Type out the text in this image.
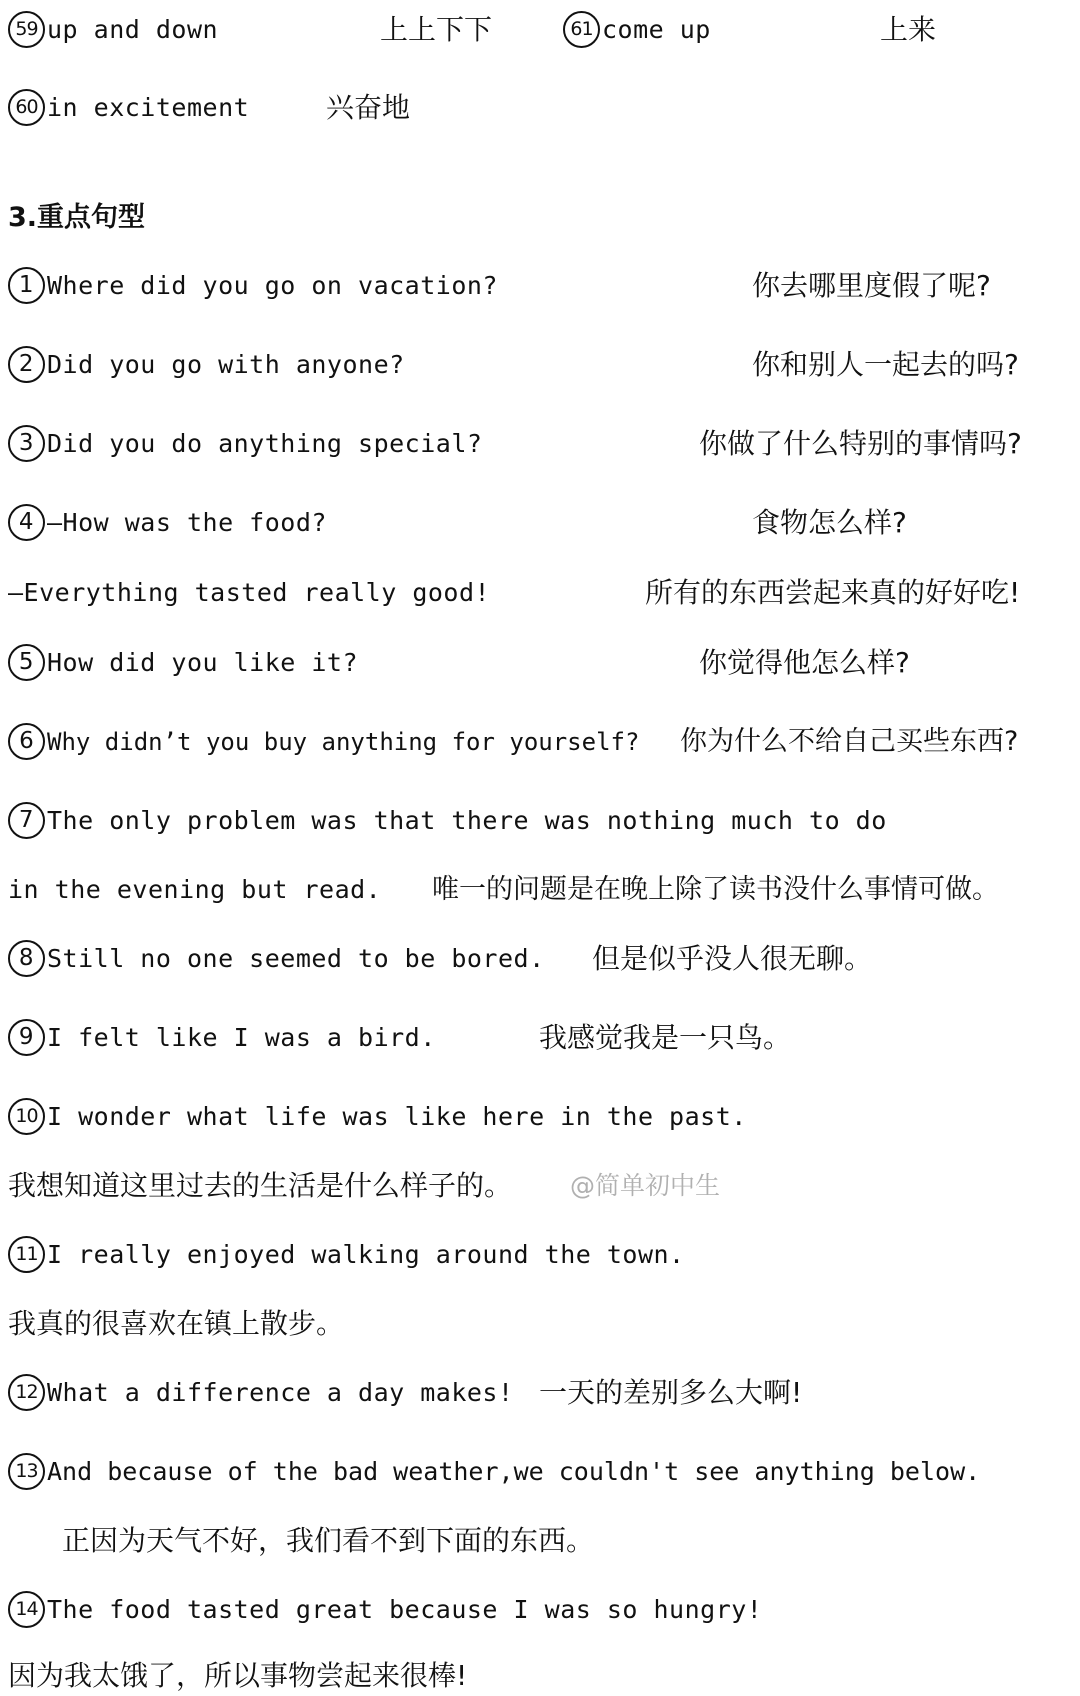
59 up and down	上上下下	61 come up	上来
60 in excitement	兴奋地
3.重点句型
1 Where did you go on vacation?	你去哪里度假了呢?
2 Did you go with anyone?	你和别人一起去的吗?
3 Did you do anything special?	你做了什么特别的事情吗?
4 —How was the food?	食物怎么样?
—Everything tasted really good!	所有的东西尝起来真的好好吃!
5 How did you like it?	你觉得他怎么样?
6 Why didn’t you buy anything for yourself? 你为什么不给自己买些东西?
7 The only problem was that there was nothing much to do
in the evening but read. 唯一的问题是在晚上除了读书没什么事情可做。
8 Still no one seemed to be bored. 但是似乎没人很无聊。
9 I felt like I was a bird.	我感觉我是一只鸟。
10 I wonder what life was like here in the past.
我想知道这里过去的生活是什么样子的。 @简单初中生
11 I really enjoyed walking around the town.
我真的很喜欢在镇上散步。
12 What a difference a day makes! 一天的差别多么大啊!
13 And because of the bad weather,we couldn't see anything below.
正因为天气不好，我们看不到下面的东西。
14 The food tasted great because I was so hungry!
因为我太饿了，所以事物尝起来很棒!
